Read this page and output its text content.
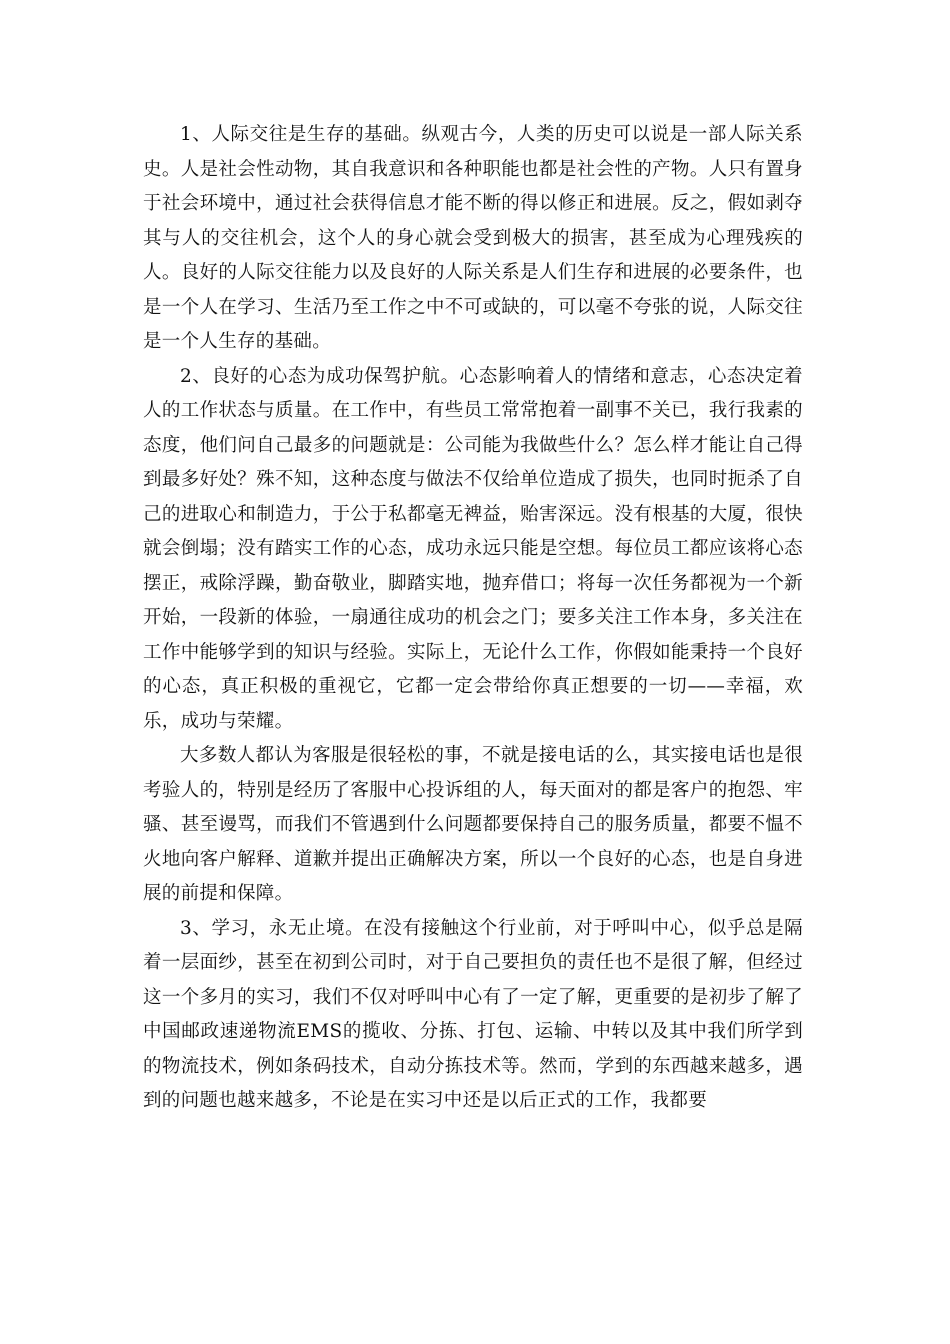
1、人际交往是生存的基础。纵观古今，人类的历史可以说是一部人际关系史。人是社会性动物，其自我意识和各种职能也都是社会性的产物。人只有置身于社会环境中，通过社会获得信息才能不断的得以修正和进展。反之，假如剥夺其与人的交往机会，这个人的身心就会受到极大的损害，甚至成为心理残疾的人。良好的人际交往能力以及良好的人际关系是人们生存和进展的必要条件，也是一个人在学习、生活乃至工作之中不可或缺的，可以毫不夸张的说，人际交往是一个人生存的基础。

2、良好的心态为成功保驾护航。心态影响着人的情绪和意志，心态决定着人的工作状态与质量。在工作中，有些员工常常抱着一副事不关已，我行我素的态度，他们问自己最多的问题就是：公司能为我做些什么？怎么样才能让自己得到最多好处？殊不知，这种态度与做法不仅给单位造成了损失，也同时扼杀了自己的进取心和制造力，于公于私都毫无裨益，贻害深远。没有根基的大厦，很快就会倒塌；没有踏实工作的心态，成功永远只能是空想。每位员工都应该将心态摆正，戒除浮躁，勤奋敬业，脚踏实地，抛弃借口；将每一次任务都视为一个新开始，一段新的体验，一扇通往成功的机会之门；要多关注工作本身，多关注在工作中能够学到的知识与经验。实际上，无论什么工作，你假如能秉持一个良好的心态，真正积极的重视它，它都一定会带给你真正想要的一切——幸福，欢乐，成功与荣耀。

大多数人都认为客服是很轻松的事，不就是接电话的么，其实接电话也是很考验人的，特别是经历了客服中心投诉组的人，每天面对的都是客户的抱怨、牢骚、甚至谩骂，而我们不管遇到什么问题都要保持自己的服务质量，都要不愠不火地向客户解释、道歉并提出正确解决方案，所以一个良好的心态，也是自身进展的前提和保障。

3、学习，永无止境。在没有接触这个行业前，对于呼叫中心，似乎总是隔着一层面纱，甚至在初到公司时，对于自己要担负的责任也不是很了解，但经过这一个多月的实习，我们不仅对呼叫中心有了一定了解，更重要的是初步了解了中国邮政速递物流EMS的揽收、分拣、打包、运输、中转以及其中我们所学到的物流技术，例如条码技术，自动分拣技术等。然而，学到的东西越来越多，遇到的问题也越来越多，不论是在实习中还是以后正式的工作，我都要
